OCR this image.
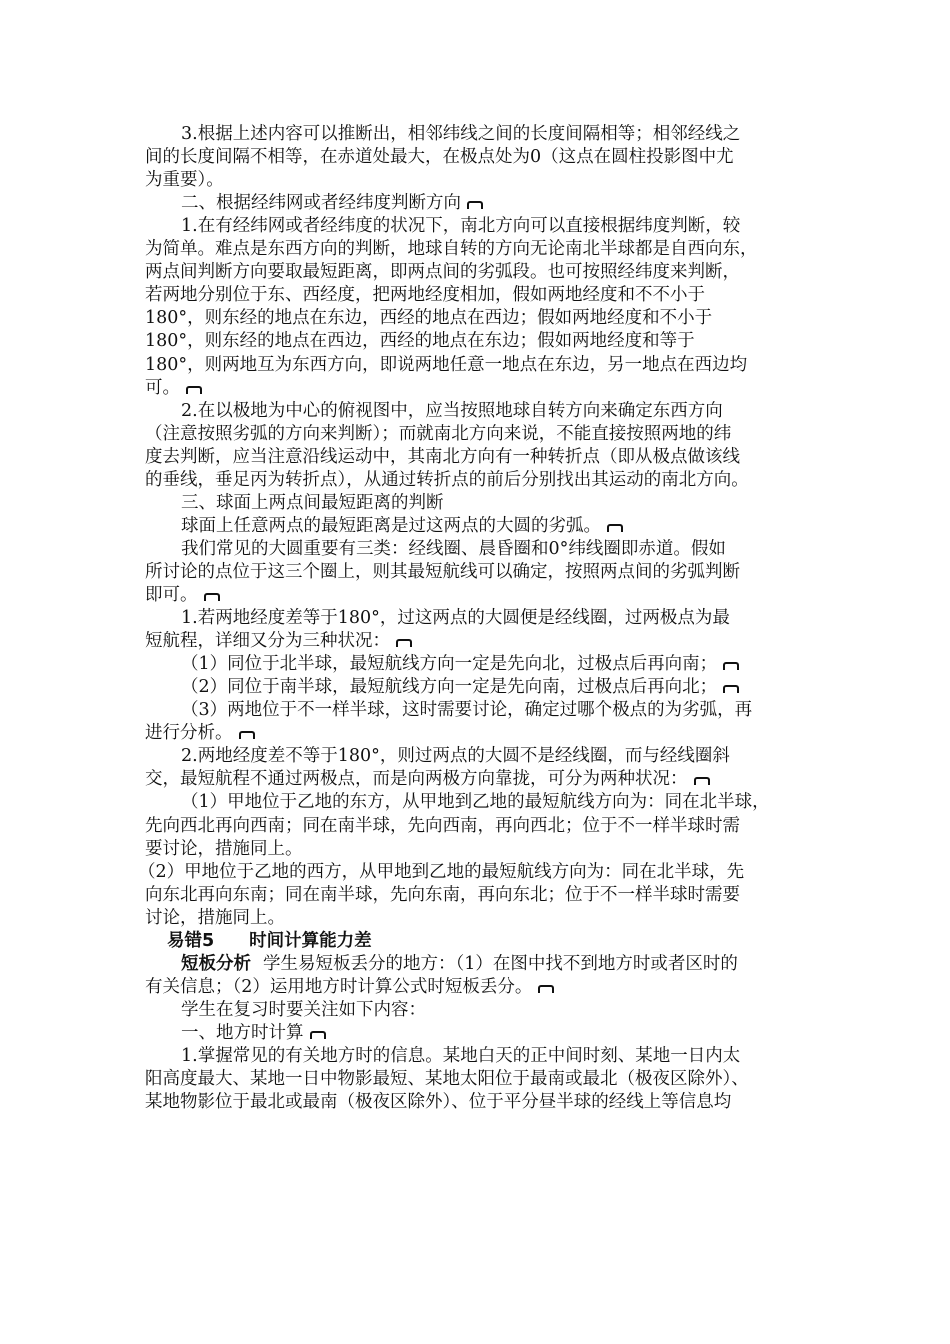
3.根据上述内容可以推断出，相邻纬线之间的长度间隔相等；相邻经线之
间的长度间隔不相等，在赤道处最大，在极点处为0（这点在圆柱投影图中尤
为重要）。
二、根据经纬网或者经纬度判断方向
1.在有经纬网或者经纬度的状况下，南北方向可以直接根据纬度判断，较
为简单。难点是东西方向的判断，地球自转的方向无论南北半球都是自西向东，
两点间判断方向要取最短距离，即两点间的劣弧段。也可按照经纬度来判断，
若两地分别位于东、西经度，把两地经度相加，假如两地经度和不不小于
180°，则东经的地点在东边，西经的地点在西边；假如两地经度和不小于
180°，则东经的地点在西边，西经的地点在东边；假如两地经度和等于
180°，则两地互为东西方向，即说两地任意一地点在东边，另一地点在西边均
可。
2.在以极地为中心的俯视图中，应当按照地球自转方向来确定东西方向
（注意按照劣弧的方向来判断）；而就南北方向来说，不能直接按照两地的纬
度去判断，应当注意沿线运动中，其南北方向有一种转折点（即从极点做该线
的垂线，垂足丙为转折点），从通过转折点的前后分别找出其运动的南北方向。
三、球面上两点间最短距离的判断
球面上任意两点的最短距离是过这两点的大圆的劣弧。
我们常见的大圆重要有三类：经线圈、晨昏圈和0°纬线圈即赤道。假如
所讨论的点位于这三个圈上，则其最短航线可以确定，按照两点间的劣弧判断
即可。
1.若两地经度差等于180°，过这两点的大圆便是经线圈，过两极点为最
短航程，详细又分为三种状况：
（1）同位于北半球，最短航线方向一定是先向北，过极点后再向南；
（2）同位于南半球，最短航线方向一定是先向南，过极点后再向北；
（3）两地位于不一样半球，这时需要讨论，确定过哪个极点的为劣弧，再
进行分析。
2.两地经度差不等于180°，则过两点的大圆不是经线圈，而与经线圈斜
交，最短航程不通过两极点，而是向两极方向靠拢，可分为两种状况：
（1）甲地位于乙地的东方，从甲地到乙地的最短航线方向为：同在北半球，
先向西北再向西南；同在南半球，先向西南，再向西北；位于不一样半球时需
要讨论，措施同上。
（2）甲地位于乙地的西方，从甲地到乙地的最短航线方向为：同在北半球，先
向东北再向东南；同在南半球，先向东南，再向东北；位于不一样半球时需要
讨论，措施同上。
易错5　　时间计算能力差
短板分析 学生易短板丢分的地方：（1）在图中找不到地方时或者区时的
有关信息；（2）运用地方时计算公式时短板丢分。
学生在复习时要关注如下内容：
一、地方时计算
1.掌握常见的有关地方时的信息。某地白天的正中间时刻、某地一日内太
阳高度最大、某地一日中物影最短、某地太阳位于最南或最北（极夜区除外）、
某地物影位于最北或最南（极夜区除外）、位于平分昼半球的经线上等信息均
